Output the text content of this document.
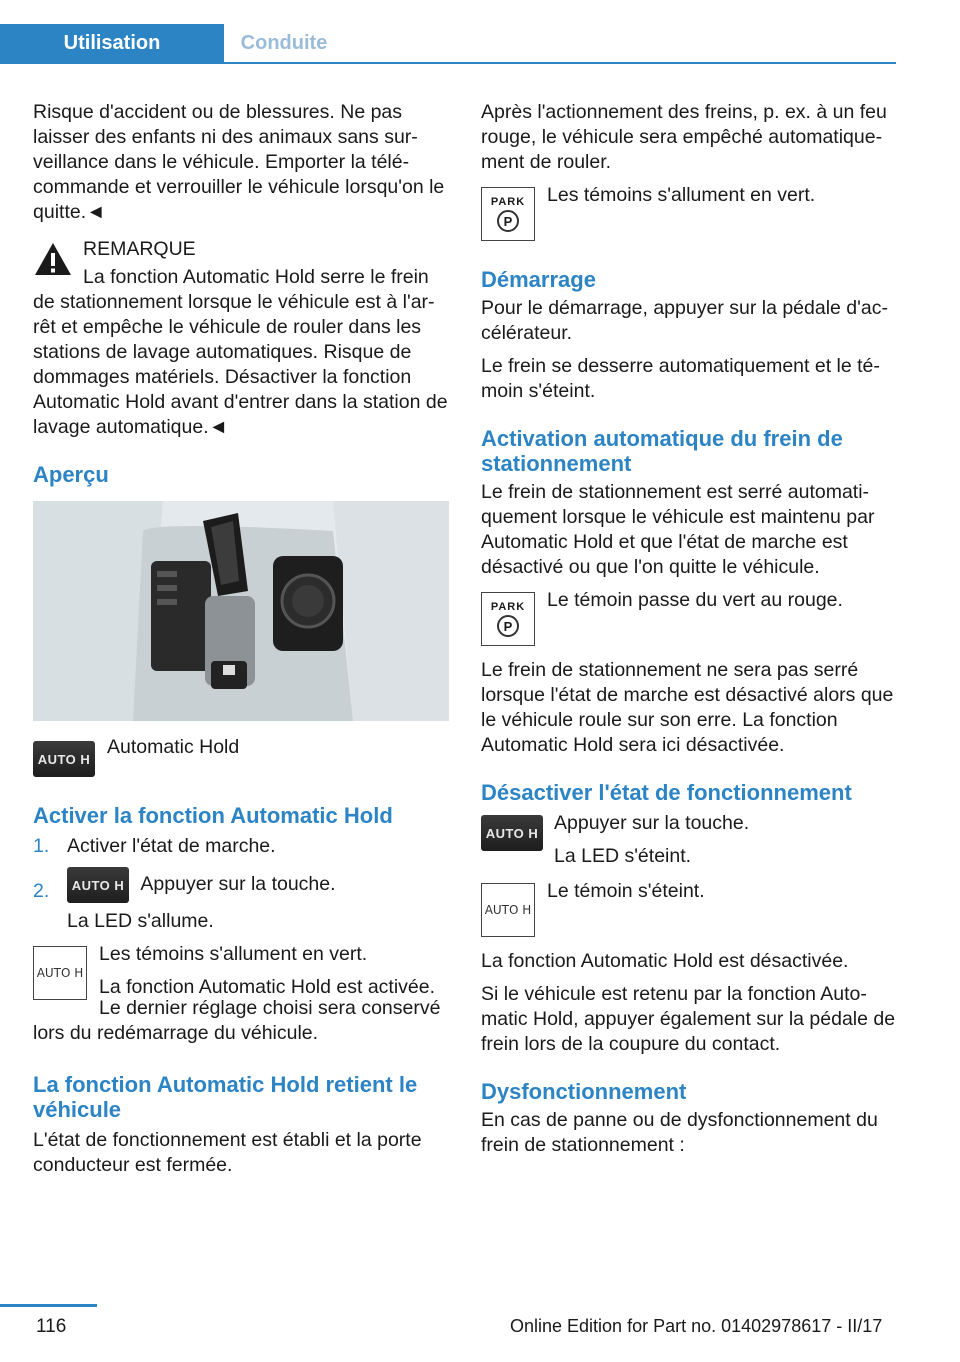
Utilisation	Conduite

Risque d'accident ou de blessures. Ne pas laisser des enfants ni des animaux sans sur-veillance dans le véhicule. Emporter la télé-commande et verrouiller le véhicule lorsqu'on le quitte.◄

REMARQUE

La fonction Automatic Hold serre le frein de stationnement lorsque le véhicule est à l'ar-rêt et empêche le véhicule de rouler dans les stations de lavage automatiques. Risque de dommages matériels. Désactiver la fonction Automatic Hold avant d'entrer dans la station de lavage automatique.◄

Aperçu
AUTO H

Automatic Hold

Activer la fonction Automatic Hold
1. Activer l'état de marche.
2.	AUTO H Appuyer sur la touche.
La LED s'allume.
AUTO H

Les témoins s'allument en vert.

La fonction Automatic Hold est activée.

Le dernier réglage choisi sera conservé lors du redémarrage du véhicule.

La fonction Automatic Hold retient le véhicule

L'état de fonctionnement est établi et la porte conducteur est fermée.

Après l'actionnement des freins, p. ex. à un feu rouge, le véhicule sera empêché automatique-ment de rouler.

PARK
P

Les témoins s'allument en vert.

Démarrage

Pour le démarrage, appuyer sur la pédale d'ac-célérateur.

Le frein se desserre automatiquement et le té-moin s'éteint.

Activation automatique du frein de stationnement

Le frein de stationnement est serré automati-quement lorsque le véhicule est maintenu par Automatic Hold et que l'état de marche est désactivé ou que l'on quitte le véhicule.

PARK
P

Le témoin passe du vert au rouge.

Le frein de stationnement ne sera pas serré lorsque l'état de marche est désactivé alors que le véhicule roule sur son erre. La fonction Automatic Hold sera ici désactivée.

Désactiver l'état de fonctionnement
AUTO H Appuyer sur la touche.

La LED s'éteint.

AUTO H

Le témoin s'éteint.

La fonction Automatic Hold est désactivée.

Si le véhicule est retenu par la fonction Auto-matic Hold, appuyer également sur la pédale de frein lors de la coupure du contact.

Dysfonctionnement

En cas de panne ou de dysfonctionnement du frein de stationnement :

116	Online Edition for Part no. 01402978617 - II/17
